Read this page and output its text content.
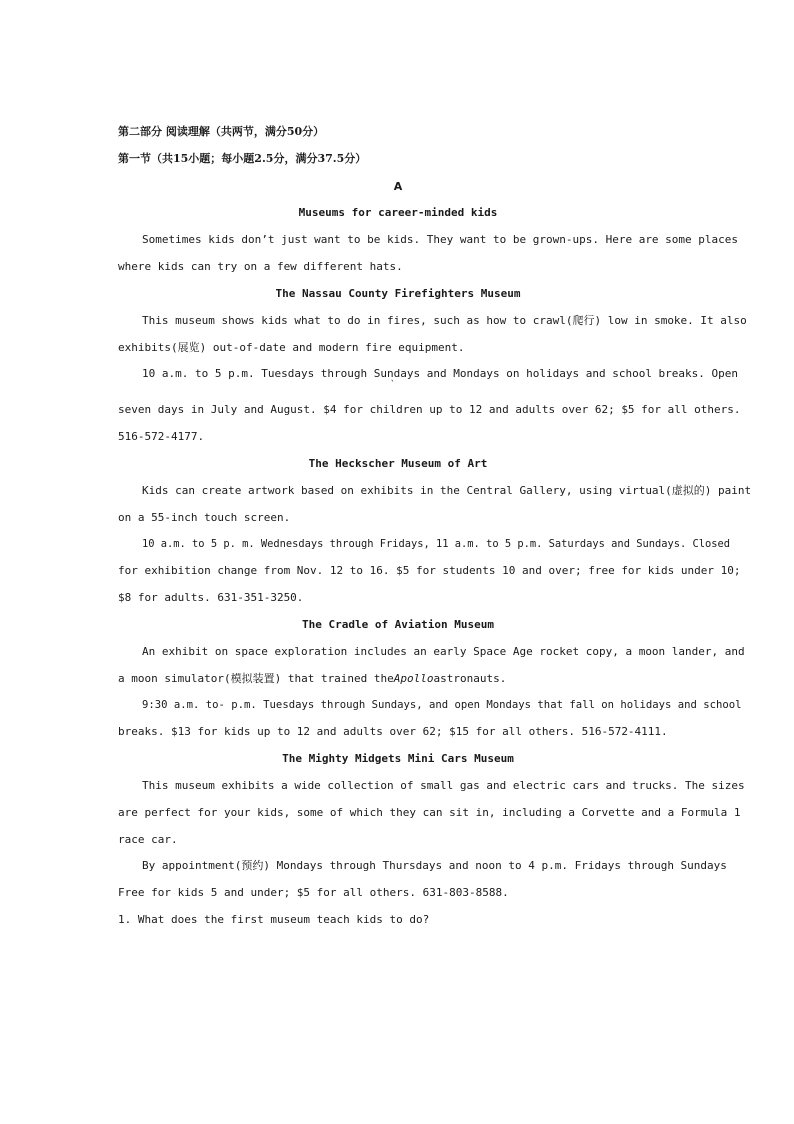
第二部分 阅读理解（共两节，满分50分）
第一节（共15小题；每小题2.5分，满分37.5分）
A
Museums for career-minded kids
Sometimes kids don’t just want to be kids. They want to be grown-ups. Here are some places
where kids can try on a few different hats.
The Nassau County Firefighters Museum
This museum shows kids what to do in fires, such as how to crawl(爬行) low in smoke. It also
exhibits(展览) out-of-date and modern fire equipment.
10 a.m. to 5 p.m. Tuesdays through Sundays and Mondays on holidays and school breaks. Open
`
seven days in July and August. $4 for children up to 12 and adults over 62; $5 for all others.
516-572-4177.
The Heckscher Museum of Art
Kids can create artwork based on exhibits in the Central Gallery, using virtual(虚拟的) paint
on a 55-inch touch screen.
10 a.m. to 5 p. m. Wednesdays through Fridays, 11 a.m. to 5 p.m. Saturdays and Sundays. Closed
for exhibition change from Nov. 12 to 16. $5 for students 10 and over; free for kids under 10;
$8 for adults. 631-351-3250.
The Cradle of Aviation Museum
An exhibit on space exploration includes an early Space Age rocket copy, a moon lander, and
a moon simulator(模拟装置) that trained theApolloastronauts.
9:30 a.m. to- p.m. Tuesdays through Sundays, and open Mondays that fall on holidays and school
breaks. $13 for kids up to 12 and adults over 62; $15 for all others. 516-572-4111.
The Mighty Midgets Mini Cars Museum
This museum exhibits a wide collection of small gas and electric cars and trucks. The sizes
are perfect for your kids, some of which they can sit in, including a Corvette and a Formula 1
race car.
By appointment(预约) Mondays through Thursdays and noon to 4 p.m. Fridays through Sundays
Free for kids 5 and under; $5 for all others. 631-803-8588.
1. What does the first museum teach kids to do?
